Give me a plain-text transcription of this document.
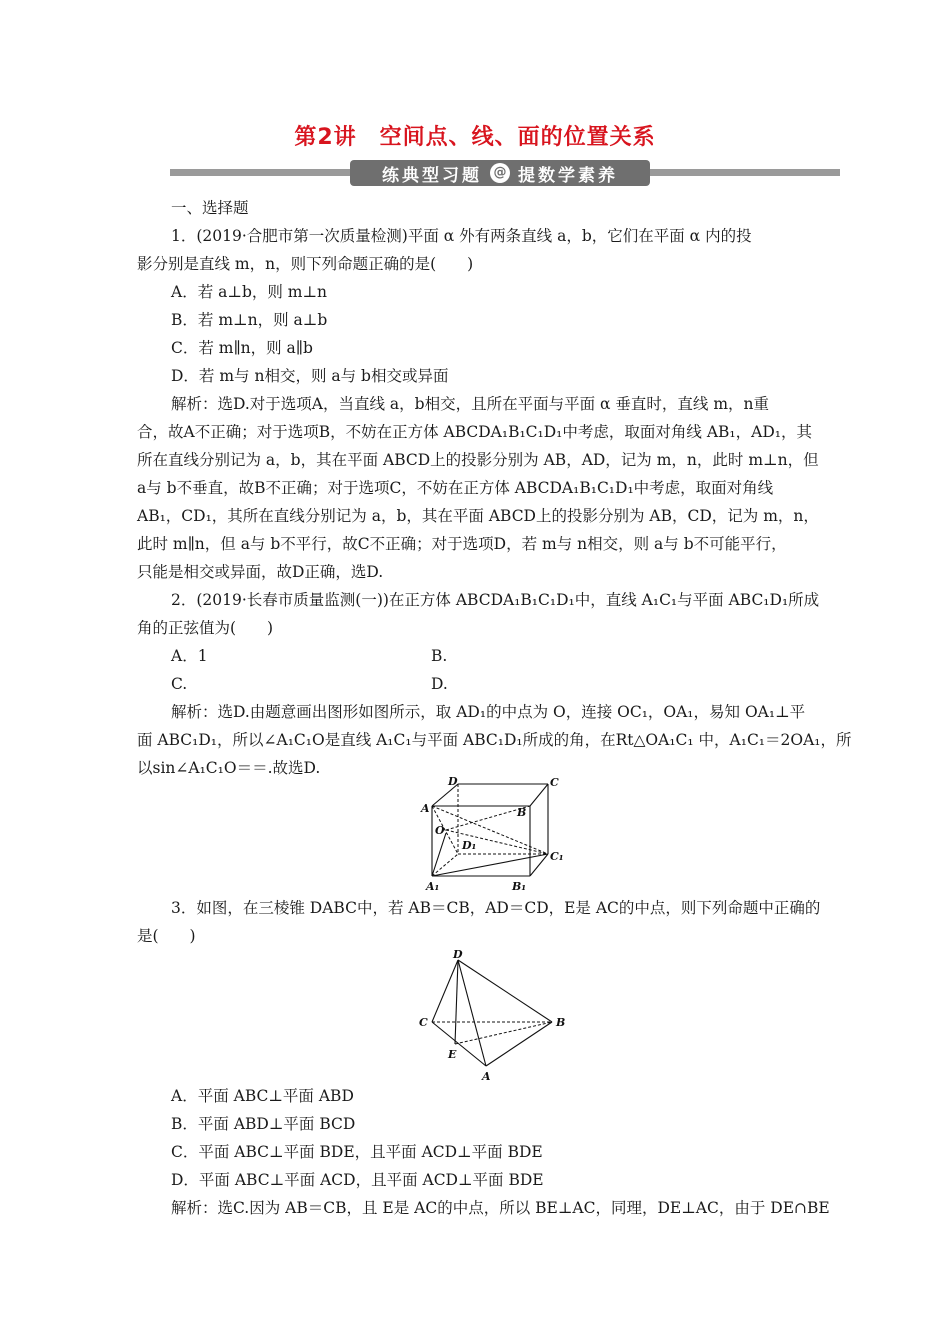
第2讲　空间点、线、面的位置关系
练典型习题 @ 提数学素养
一、选择题
1．(2019·合肥市第一次质量检测)平面 α 外有两条直线 a，b，它们在平面 α 内的投
影分别是直线 m，n，则下列命题正确的是(　　)
A．若 a⊥b，则 m⊥n
B．若 m⊥n，则 a⊥b
C．若 m∥n，则 a∥b
D．若 m与 n相交，则 a与 b相交或异面
解析：选D.对于选项A，当直线 a，b相交，且所在平面与平面 α 垂直时，直线 m，n重
合，故A不正确；对于选项B，不妨在正方体 ABCDA₁B₁C₁D₁中考虑，取面对角线 AB₁，AD₁，其
所在直线分别记为 a，b，其在平面 ABCD上的投影分别为 AB，AD，记为 m，n，此时 m⊥n，但
a与 b不垂直，故B不正确；对于选项C，不妨在正方体 ABCDA₁B₁C₁D₁中考虑，取面对角线
AB₁，CD₁，其所在直线分别记为 a，b，其在平面 ABCD上的投影分别为 AB，CD，记为 m，n，
此时 m∥n，但 a与 b不平行，故C不正确；对于选项D，若 m与 n相交，则 a与 b不可能平行，
只能是相交或异面，故D正确，选D.
2．(2019·长春市质量监测(一))在正方体 ABCDA₁B₁C₁D₁中，直线 A₁C₁与平面 ABC₁D₁所成
角的正弦值为(　　)
A．1	B.
C.	D.
解析：选D.由题意画出图形如图所示，取 AD₁的中点为 O，连接 OC₁，OA₁，易知 OA₁⊥平
面 ABC₁D₁，所以∠A₁C₁O是直线 A₁C₁与平面 ABC₁D₁所成的角，在Rt△OA₁C₁ 中，A₁C₁＝2OA₁，所
以sin∠A₁C₁O＝＝.故选D.
D	C
A	B
O
D₁
C₁
A₁	B₁
3．如图，在三棱锥 DABC中，若 AB＝CB，AD＝CD，E是 AC的中点，则下列命题中正确的
是(　　)
D
C	B
E
A
A．平面 ABC⊥平面 ABD
B．平面 ABD⊥平面 BCD
C．平面 ABC⊥平面 BDE，且平面 ACD⊥平面 BDE
D．平面 ABC⊥平面 ACD，且平面 ACD⊥平面 BDE
解析：选C.因为 AB＝CB，且 E是 AC的中点，所以 BE⊥AC，同理，DE⊥AC，由于 DE∩BE
